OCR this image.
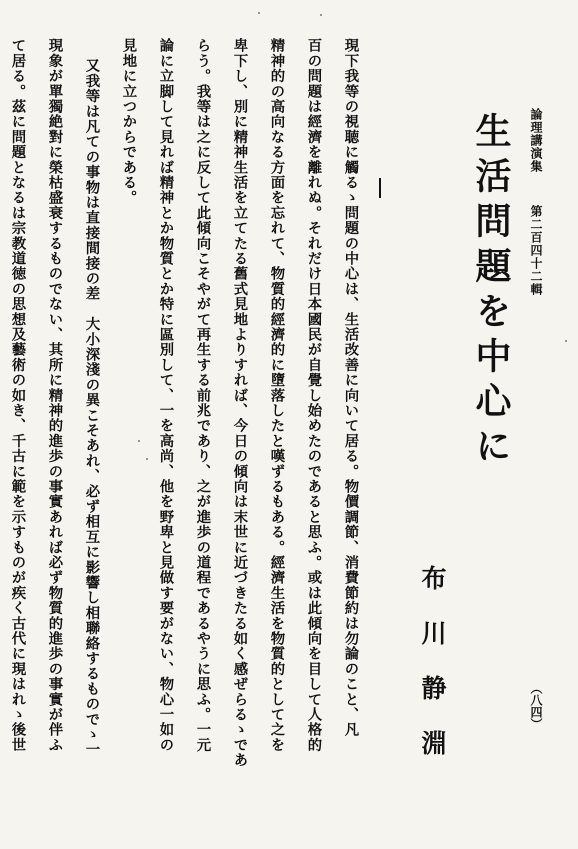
論理講演集
第二百四十二輯
（八四）
生活問題を中心に
布川静淵
現下我等の視聴に觸るゝ問題の中心は、生活改善に向いて居る。物價調節、消費節約は勿論のこと、凡
百の問題は經濟を離れぬ。それだけ日本國民が自覺し始めたのであると思ふ。或は此傾向を目して人格的
精神的の高向なる方面を忘れて、物質的經濟的に墮落したと嘆ずるもある。經濟生活を物質的として之を
卑下し、別に精神生活を立てたる舊式見地よりすれば、今日の傾向は末世に近づきたる如く感ぜらるゝであ
らう。我等は之に反して此傾向こそやがて再生する前兆であり、之が進歩の道程であるやうに思ふ。一元
論に立脚して見れば精神とか物質とか特に區別して、一を高尚、他を野卑と見做す要がない、物心一如の
見地に立つからである。
又我等は凡ての事物は直接間接の差　大小深淺の異こそあれ、必ず相互に影響し相聯絡するものでゝ一
現象が單獨絶對に榮枯盛衰するものでない、其所に精神的進歩の事實あれば必ず物質的進歩の事實が伴ふ
て居る。茲に問題となるは宗教道徳の思想及藝術の如き、千古に範を示すものが疾く古代に現はれゝ後世
